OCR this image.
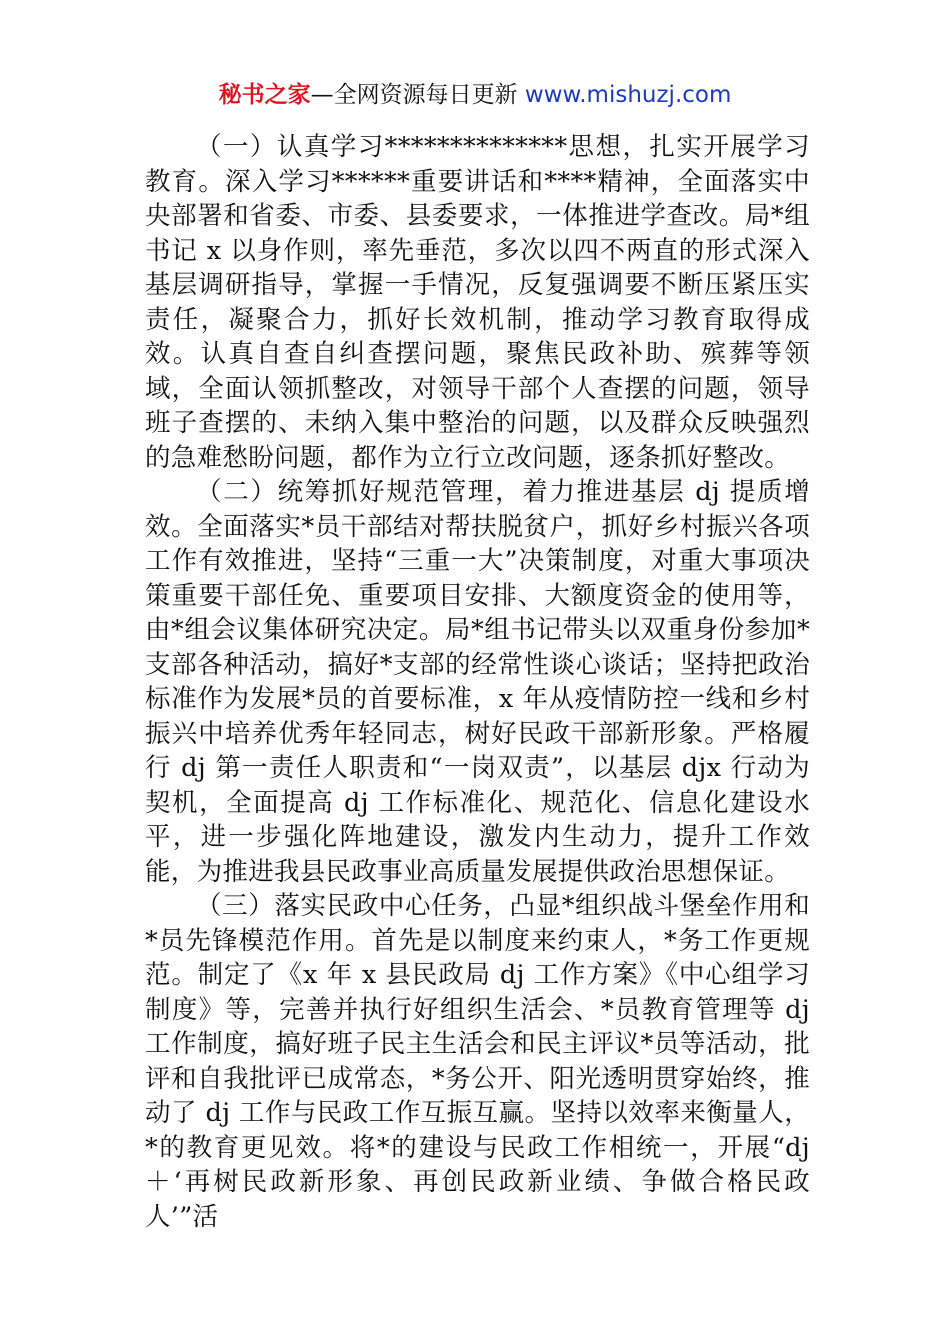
秘书之家—全网资源每日更新 www.mishuzj.com

（一）认真学习**************思想，扎实开展学习教育。深入学习******重要讲话和****精神，全面落实中央部署和省委、市委、县委要求，一体推进学查改。局*组书记 x 以身作则，率先垂范，多次以四不两直的形式深入基层调研指导，掌握一手情况，反复强调要不断压紧压实责任，凝聚合力，抓好长效机制，推动学习教育取得成效。认真自查自纠查摆问题，聚焦民政补助、殡葬等领域，全面认领抓整改，对领导干部个人查摆的问题，领导班子查摆的、未纳入集中整治的问题，以及群众反映强烈的急难愁盼问题，都作为立行立改问题，逐条抓好整改。

（二）统筹抓好规范管理，着力推进基层 dj 提质增效。全面落实*员干部结对帮扶脱贫户，抓好乡村振兴各项工作有效推进，坚持“三重一大”决策制度，对重大事项决策重要干部任免、重要项目安排、大额度资金的使用等，由*组会议集体研究决定。局*组书记带头以双重身份参加*支部各种活动，搞好*支部的经常性谈心谈话；坚持把政治标准作为发展*员的首要标准，x 年从疫情防控一线和乡村振兴中培养优秀年轻同志，树好民政干部新形象。严格履行 dj 第一责任人职责和“一岗双责”，以基层 djx 行动为契机，全面提高 dj 工作标准化、规范化、信息化建设水平，进一步强化阵地建设，激发内生动力，提升工作效能，为推进我县民政事业高质量发展提供政治思想保证。

（三）落实民政中心任务，凸显*组织战斗堡垒作用和*员先锋模范作用。首先是以制度来约束人，*务工作更规范。制定了《x 年 x 县民政局 dj 工作方案》《中心组学习制度》等，完善并执行好组织生活会、*员教育管理等 dj 工作制度，搞好班子民主生活会和民主评议*员等活动，批评和自我批评已成常态，*务公开、阳光透明贯穿始终，推动了 dj 工作与民政工作互振互赢。坚持以效率来衡量人，*的教育更见效。将*的建设与民政工作相统一，开展“dj＋‘再树民政新形象、再创民政新业绩、争做合格民政人’”活
